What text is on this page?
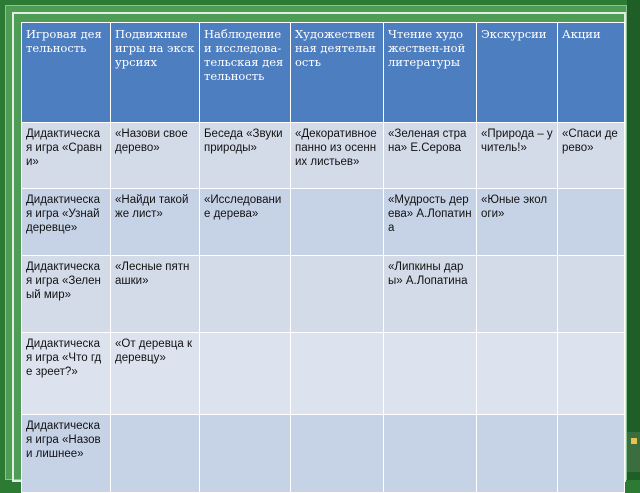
Игровая деятельность	Подвижные игры на экскурсиях	Наблюдение и исследова-тельская деятельность	Художественная деятельность	Чтение художествен-ной литературы	Экскурсии	Акции
Дидактическая игра «Сравни»	«Назови свое дерево»	Беседа «Звуки природы»	«Декоративное панно из осенних листьев»	«Зеленая страна» Е.Серова	«Природа – учитель!»	«Спаси дерево»
Дидактическая игра «Узнай деревце»	«Найди такой же лист»	«Исследование дерева»		«Мудрость дерева» А.Лопатина	«Юные экологи»	
Дидактическая игра «Зеленый мир»	«Лесные пятнашки»			«Липкины дары» А.Лопатина		
Дидактическая игра «Что где зреет?»	«От деревца к деревцу»					
Дидактическая игра «Назови лишнее»						
